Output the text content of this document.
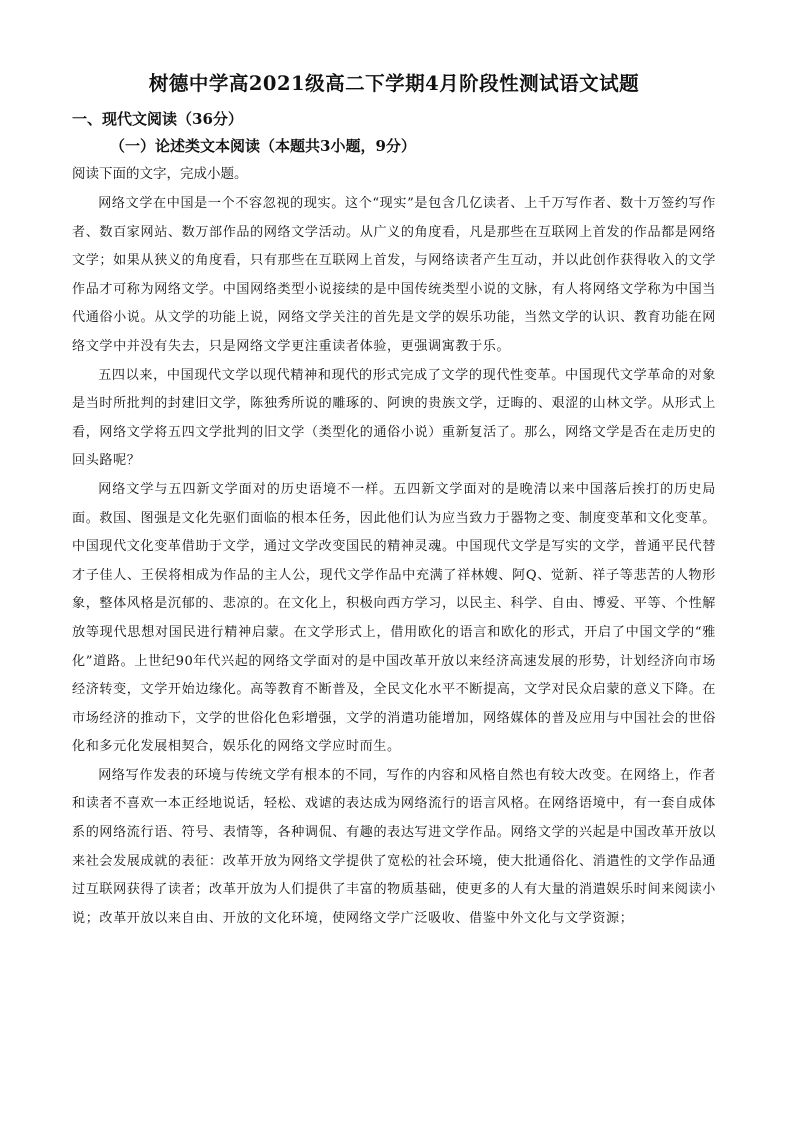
树德中学高2021级高二下学期4月阶段性测试语文试题
一、现代文阅读（36分）
（一）论述类文本阅读（本题共3小题，9分）
阅读下面的文字，完成小题。

网络文学在中国是一个不容忽视的现实。这个“现实”是包含几亿读者、上千万写作者、数十万签约写作者、数百家网站、数万部作品的网络文学活动。从广义的角度看，凡是那些在互联网上首发的作品都是网络文学；如果从狭义的角度看，只有那些在互联网上首发，与网络读者产生互动，并以此创作获得收入的文学作品才可称为网络文学。中国网络类型小说接续的是中国传统类型小说的文脉，有人将网络文学称为中国当代通俗小说。从文学的功能上说，网络文学关注的首先是文学的娱乐功能，当然文学的认识、教育功能在网络文学中并没有失去，只是网络文学更注重读者体验，更强调寓教于乐。

五四以来，中国现代文学以现代精神和现代的形式完成了文学的现代性变革。中国现代文学革命的对象是当时所批判的封建旧文学，陈独秀所说的雕琢的、阿谀的贵族文学，迂晦的、艰涩的山林文学。从形式上看，网络文学将五四文学批判的旧文学（类型化的通俗小说）重新复活了。那么，网络文学是否在走历史的回头路呢？

网络文学与五四新文学面对的历史语境不一样。五四新文学面对的是晚清以来中国落后挨打的历史局面。救国、图强是文化先驱们面临的根本任务，因此他们认为应当致力于器物之变、制度变革和文化变革。中国现代文化变革借助于文学，通过文学改变国民的精神灵魂。中国现代文学是写实的文学，普通平民代替才子佳人、王侯将相成为作品的主人公，现代文学作品中充满了祥林嫂、阿Q、觉新、祥子等悲苦的人物形象，整体风格是沉郁的、悲凉的。在文化上，积极向西方学习，以民主、科学、自由、博爱、平等、个性解放等现代思想对国民进行精神启蒙。在文学形式上，借用欧化的语言和欧化的形式，开启了中国文学的“雅化”道路。上世纪90年代兴起的网络文学面对的是中国改革开放以来经济高速发展的形势，计划经济向市场经济转变，文学开始边缘化。高等教育不断普及，全民文化水平不断提高，文学对民众启蒙的意义下降。在市场经济的推动下，文学的世俗化色彩增强，文学的消遣功能增加，网络媒体的普及应用与中国社会的世俗化和多元化发展相契合，娱乐化的网络文学应时而生。

网络写作发表的环境与传统文学有根本的不同，写作的内容和风格自然也有较大改变。在网络上，作者和读者不喜欢一本正经地说话，轻松、戏谑的表达成为网络流行的语言风格。在网络语境中，有一套自成体系的网络流行语、符号、表情等，各种调侃、有趣的表达写进文学作品。网络文学的兴起是中国改革开放以来社会发展成就的表征：改革开放为网络文学提供了宽松的社会环境，使大批通俗化、消遣性的文学作品通过互联网获得了读者；改革开放为人们提供了丰富的物质基础，使更多的人有大量的消遣娱乐时间来阅读小说；改革开放以来自由、开放的文化环境，使网络文学广泛吸收、借鉴中外文化与文学资源；
